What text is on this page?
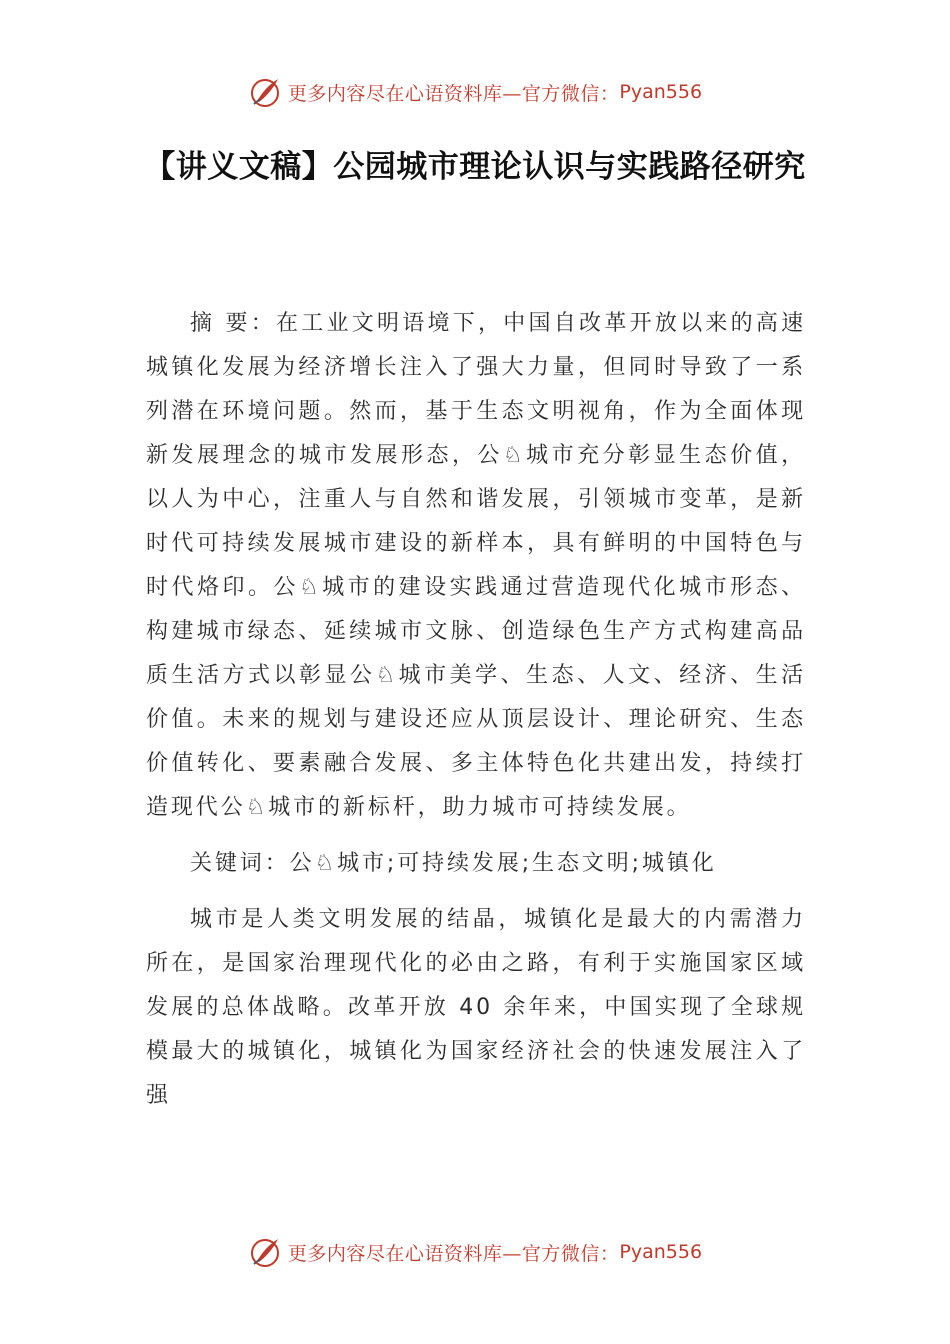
更多内容尽在心语资料库—官方微信： Pyan556
【讲义文稿】公园城市理论认识与实践路径研究

摘 要：在工业文明语境下，中国自改革开放以来的高速城镇化发展为经济增长注入了强大力量，但同时导致了一系列潜在环境问题。然而，基于生态文明视角，作为全面体现新发展理念的城市发展形态，公♘城市充分彰显生态价值， 以人为中心，注重人与自然和谐发展，引领城市变革，是新时代可持续发展城市建设的新样本，具有鲜明的中国特色与时代烙印。公♘城市的建设实践通过营造现代化城市形态、构建城市绿态、延续城市文脉、创造绿色生产方式构建高品质生活方式以彰显公♘城市美学、生态、人文、经济、生活价值。未来的规划与建设还应从顶层设计、理论研究、生态价值转化、要素融合发展、多主体特色化共建出发，持续打造现代公♘城市的新标杆，助力城市可持续发展。

关键词：公♘城市;可持续发展;生态文明;城镇化

城市是人类文明发展的结晶，城镇化是最大的内需潜力所在，是国家治理现代化的必由之路，有利于实施国家区域发展的总体战略。改革开放 40 余年来，中国实现了全球规模最大的城镇化，城镇化为国家经济社会的快速发展注入了强

更多内容尽在心语资料库—官方微信： Pyan556
